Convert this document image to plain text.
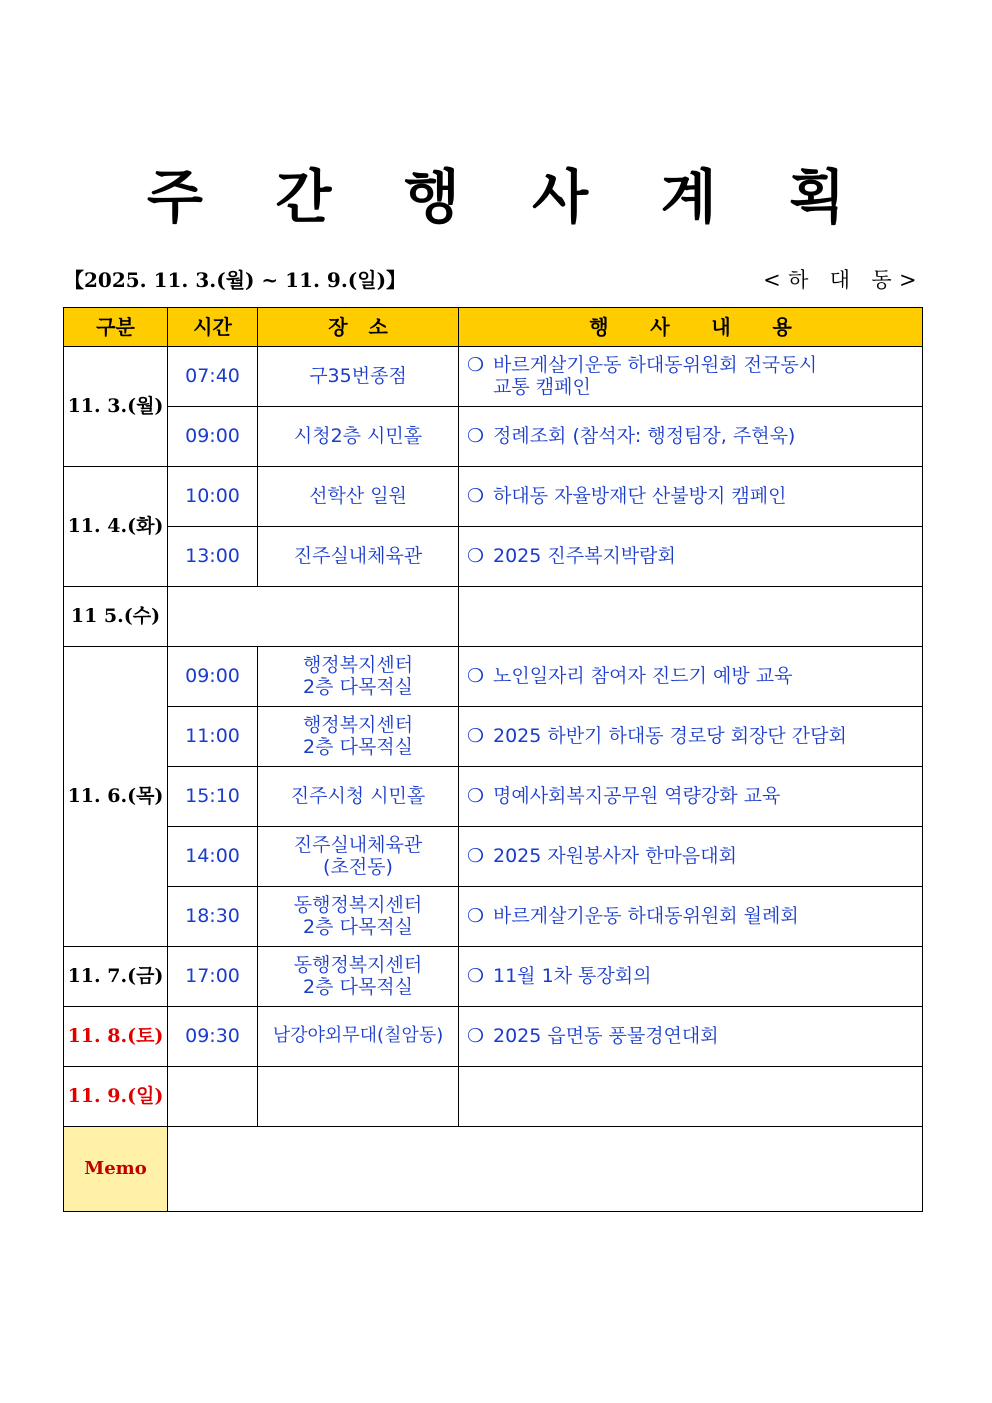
주 간 행 사 계 획
【2025. 11. 3.(월) ~ 11. 9.(일)】	<하 대 동>
구분	시간	장   소	행      사      내      용
11. 3.(월)	07:40	구35번종점	❍ 바르게살기운동 하대동위원회 전국동시
교통 캠페인
	09:00	시청2층 시민홀	❍ 정례조회 (참석자: 행정팀장, 주현욱)
11. 4.(화)	10:00	선학산 일원	❍ 하대동 자율방재단 산불방지 캠페인
	13:00	진주실내체육관	❍ 2025 진주복지박람회
11 5.(수)			
11. 6.(목)	09:00	행정복지센터
2층 다목적실	❍ 노인일자리 참여자 진드기 예방 교육
	11:00	행정복지센터
2층 다목적실	❍ 2025 하반기 하대동 경로당 회장단 간담회
	15:10	진주시청 시민홀	❍ 명예사회복지공무원 역량강화 교육
	14:00	진주실내체육관
(초전동)	❍ 2025 자원봉사자 한마음대회
	18:30	동행정복지센터
2층 다목적실	❍ 바르게살기운동 하대동위원회 월례회
11. 7.(금)	17:00	동행정복지센터
2층 다목적실	❍ 11월 1차 통장회의
11. 8.(토)	09:30	남강야외무대(칠암동)	❍ 2025 읍면동 풍물경연대회
11. 9.(일)			
Memo			
